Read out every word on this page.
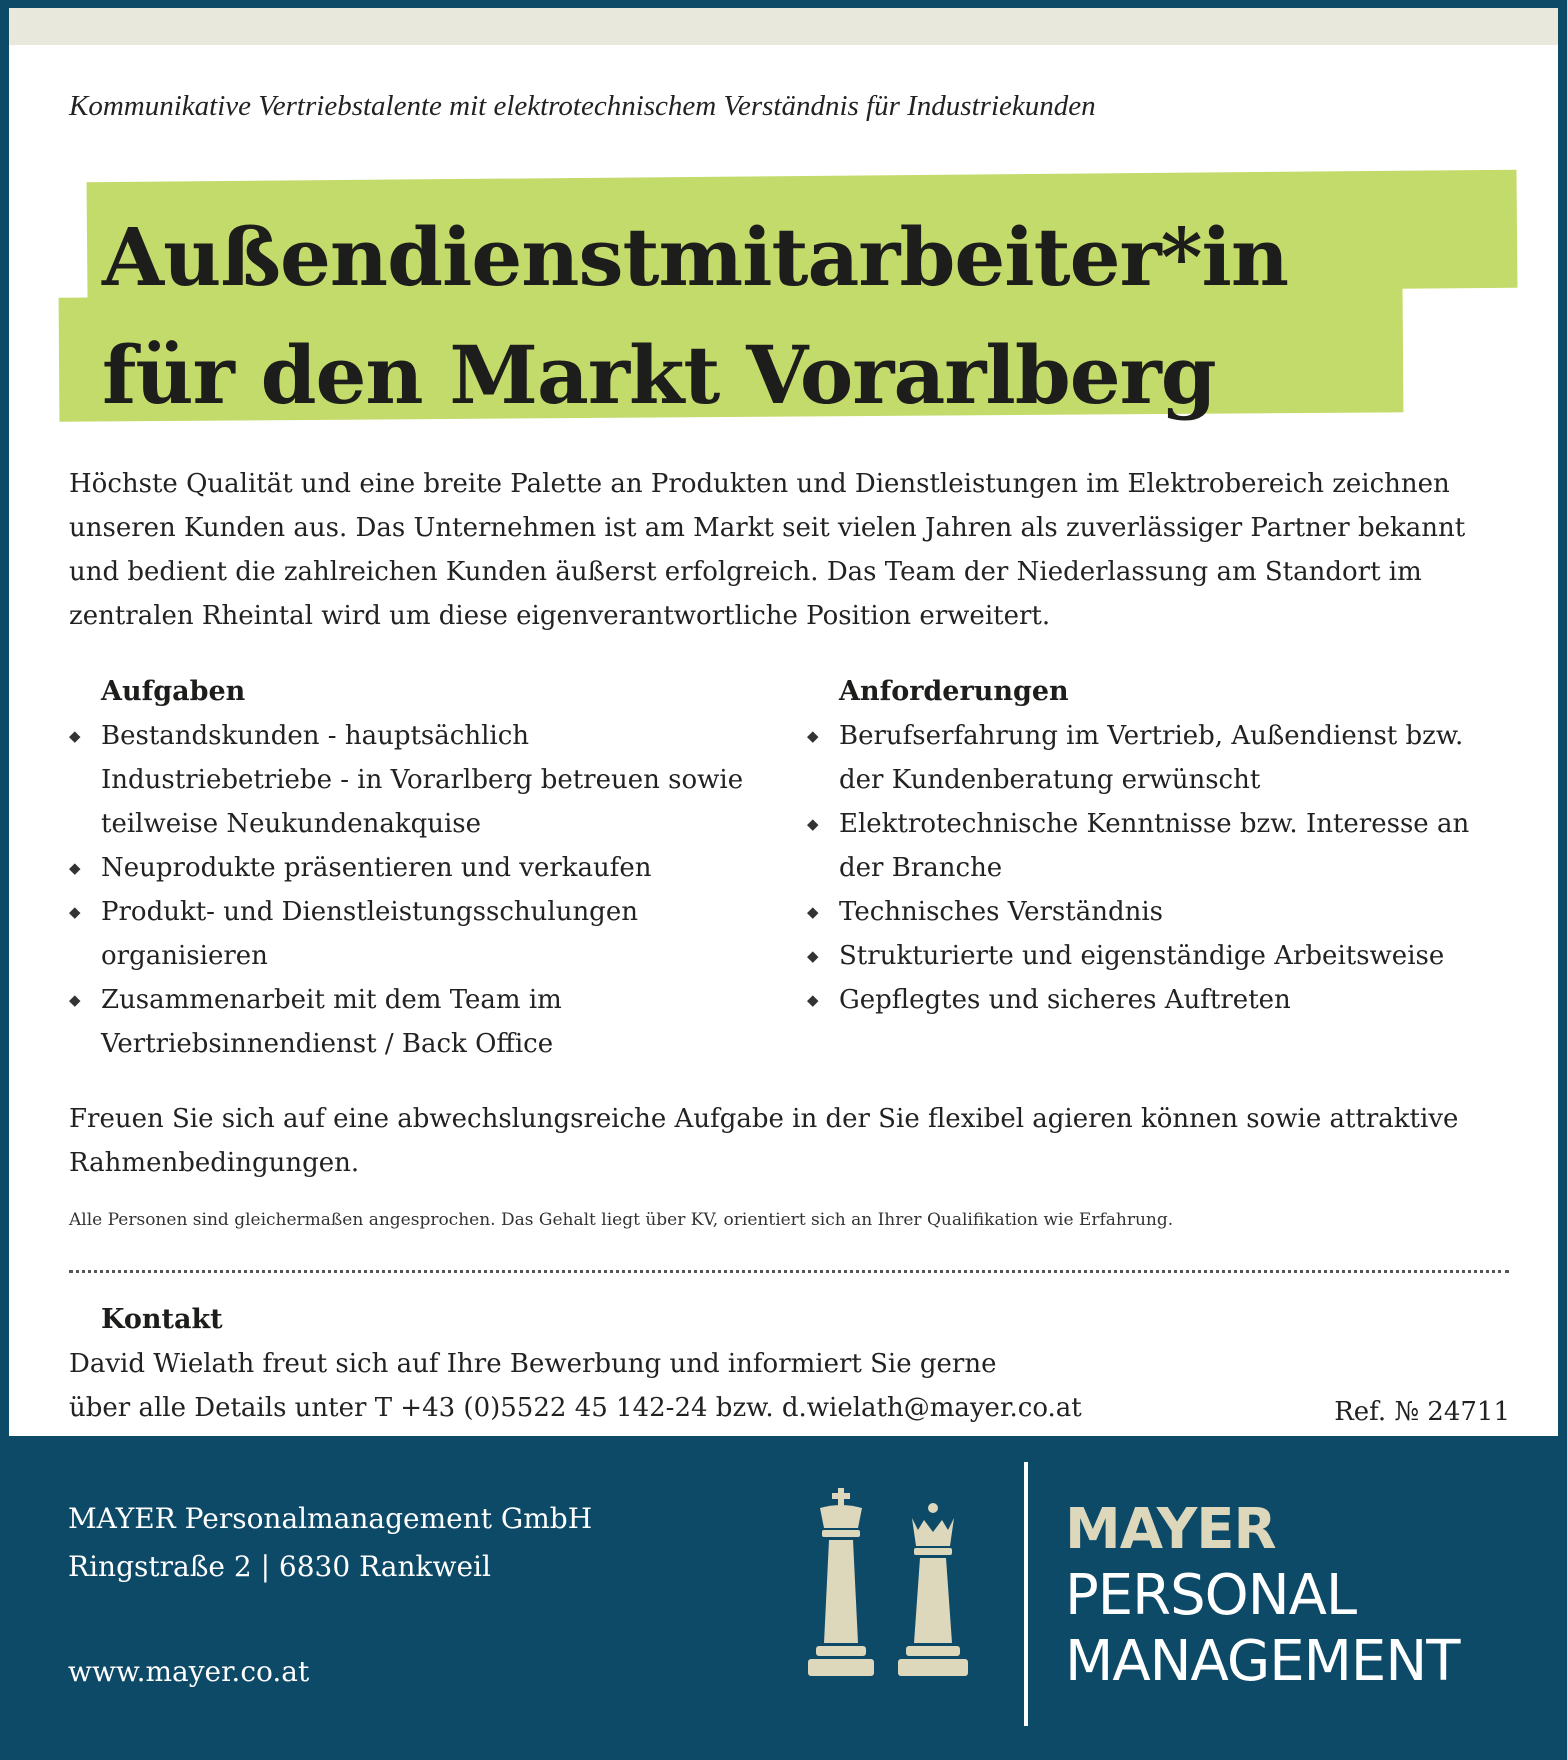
Kommunikative Vertriebstalente mit elektrotechnischem Verständnis für Industriekunden
Außendienstmitarbeiter*in
für den Markt Vorarlberg

Höchste Qualität und eine breite Palette an Produkten und Dienstleistungen im Elektrobereich zeichnen unseren Kunden aus. Das Unternehmen ist am Markt seit vielen Jahren als zuverlässiger Partner bekannt und bedient die zahlreichen Kunden äußerst erfolgreich. Das Team der Niederlassung am Standort im zentralen Rheintal wird um diese eigenverantwortliche Position erweitert.

Aufgaben
◆ Bestandskunden - hauptsächlich Industriebetriebe - in Vorarlberg betreuen sowie teilweise Neukundenakquise
◆ Neuprodukte präsentieren und verkaufen
◆ Produkt- und Dienstleistungsschulungen organisieren
◆ Zusammenarbeit mit dem Team im Vertriebsinnendienst / Back Office
Anforderungen
◆ Berufserfahrung im Vertrieb, Außendienst bzw. der Kundenberatung erwünscht
◆ Elektrotechnische Kenntnisse bzw. Interesse an der Branche
◆ Technisches Verständnis
◆ Strukturierte und eigenständige Arbeitsweise
◆ Gepflegtes und sicheres Auftreten

Freuen Sie sich auf eine abwechslungsreiche Aufgabe in der Sie flexibel agieren können sowie attraktive Rahmenbedingungen.

Alle Personen sind gleichermaßen angesprochen. Das Gehalt liegt über KV, orientiert sich an Ihrer Qualifikation wie Erfahrung.
Kontakt

David Wielath freut sich auf Ihre Bewerbung und informiert Sie gerne

über alle Details unter T +43 (0)5522 45 142-24 bzw. d.wielath@mayer.co.at	Ref. № 24711
MAYER Personalmanagement GmbH
Ringstraße 2 | 6830 Rankweil
www.mayer.co.at
MAYER
PERSONAL
MANAGEMENT
